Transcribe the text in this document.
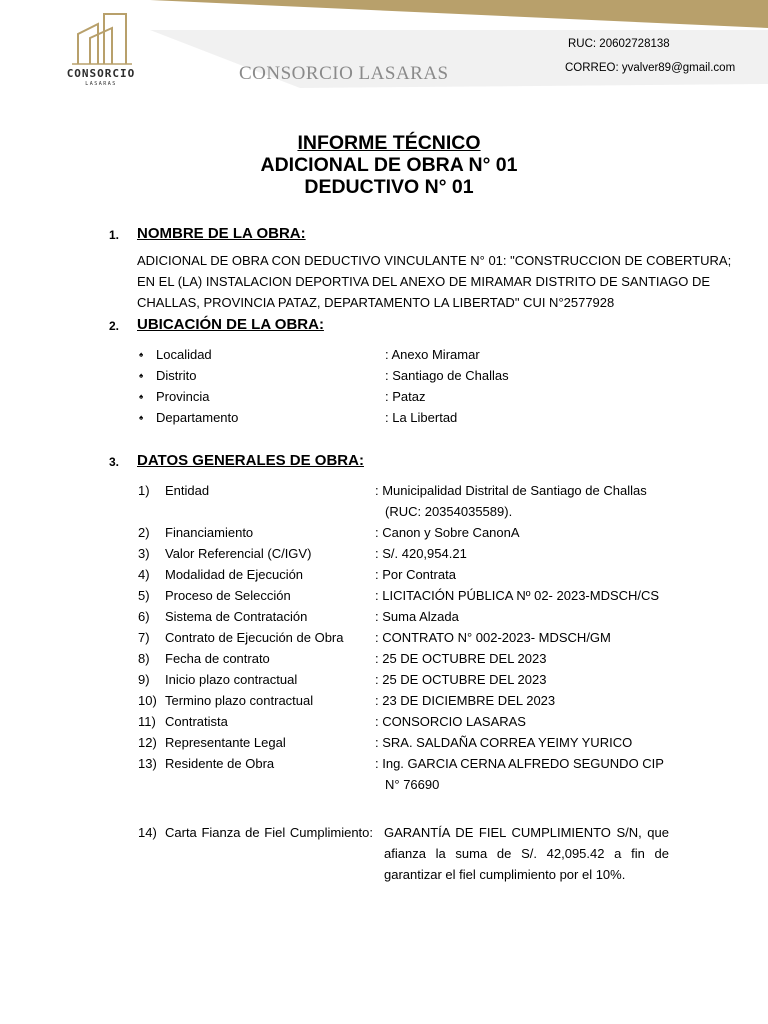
CONSORCIO
LASARAS	CONSORCIO LASARAS
RUC: 20602728138
CORREO: yvalver89@gmail.com
INFORME TÉCNICO
ADICIONAL DE OBRA N° 01
DEDUCTIVO N° 01
1. NOMBRE DE LA OBRA:
ADICIONAL DE OBRA CON DEDUCTIVO VINCULANTE N° 01: "CONSTRUCCION DE COBERTURA; EN EL (LA) INSTALACION DEPORTIVA DEL ANEXO DE MIRAMAR DISTRITO DE SANTIAGO DE CHALLAS, PROVINCIA PATAZ, DEPARTAMENTO LA LIBERTAD" CUI N°2577928
2. UBICACIÓN DE LA OBRA:
♠ Localidad	: Anexo Miramar
♠ Distrito	: Santiago de Challas
♠ Provincia	: Pataz
♠ Departamento	: La Libertad
3. DATOS GENERALES DE OBRA:
1) Entidad	: Municipalidad Distrital de Santiago de Challas
(RUC: 20354035589).
2) Financiamiento	: Canon y Sobre CanonA
3) Valor Referencial (C/IGV)	: S/. 420,954.21
4) Modalidad de Ejecución	: Por Contrata
5) Proceso de Selección	: LICITACIÓN PÚBLICA Nº 02- 2023-MDSCH/CS
6) Sistema de Contratación	: Suma Alzada
7) Contrato de Ejecución de Obra : CONTRATO N° 002-2023- MDSCH/GM
8) Fecha de contrato	: 25 DE OCTUBRE DEL 2023
9) Inicio plazo contractual	: 25 DE OCTUBRE DEL 2023
10) Termino plazo contractual	: 23 DE DICIEMBRE DEL 2023
11) Contratista	: CONSORCIO LASARAS
12) Representante Legal	: SRA. SALDAÑA CORREA YEIMY YURICO
13) Residente de Obra	: Ing. GARCIA CERNA ALFREDO SEGUNDO CIP
N° 76690
14) Carta Fianza de Fiel Cumplimiento: GARANTÍA DE FIEL CUMPLIMIENTO S/N, que
afianza la suma de S/. 42,095.42 a fin de
garantizar el fiel cumplimiento por el 10%.
